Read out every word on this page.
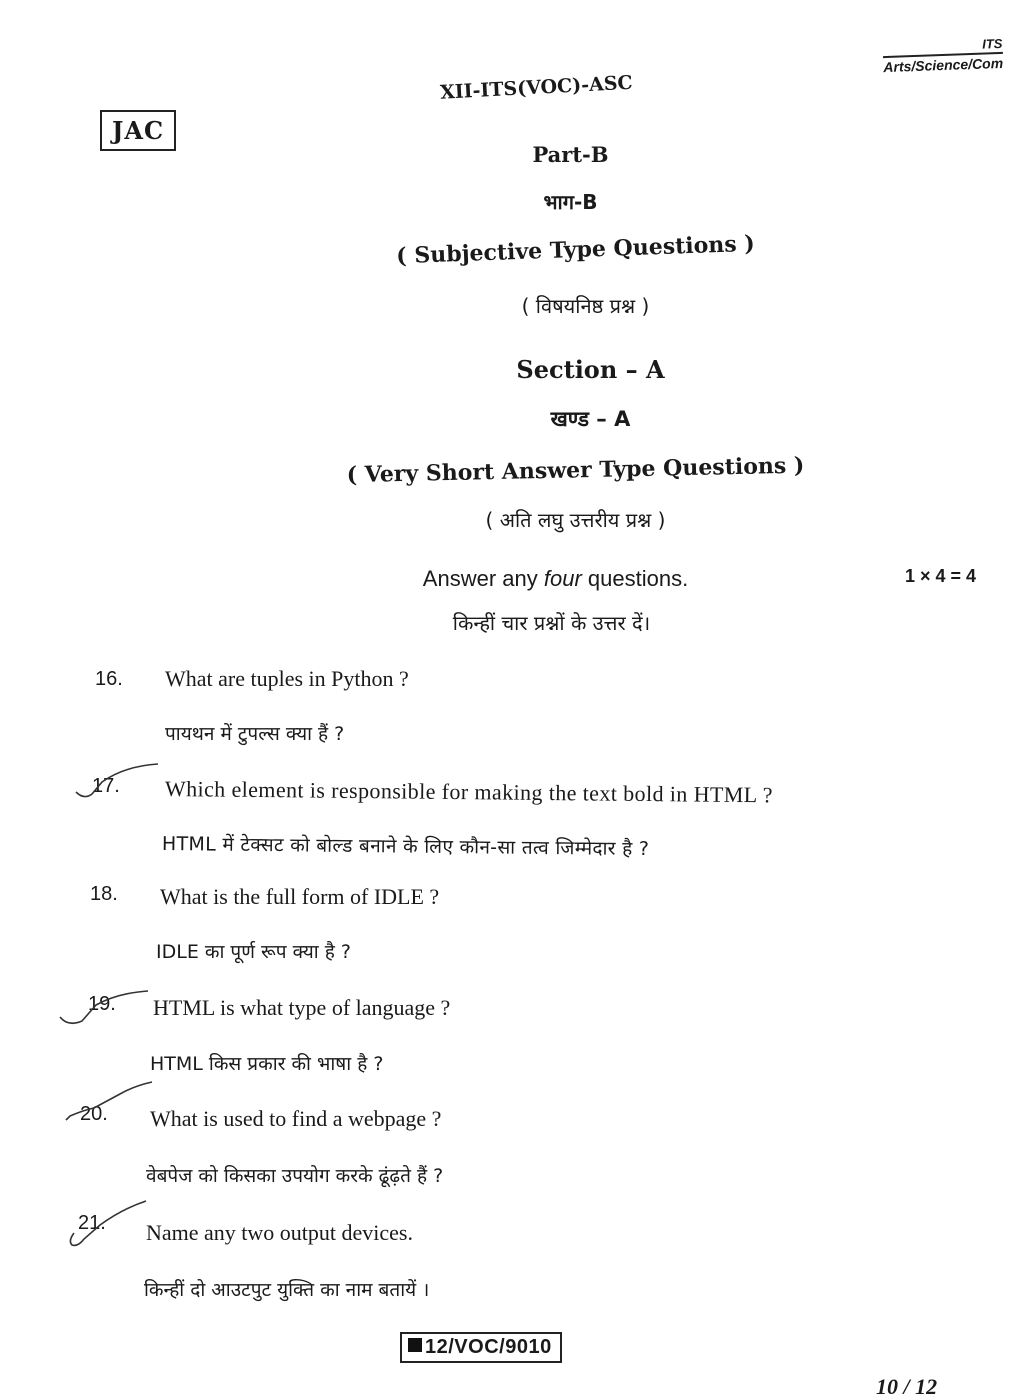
ITS
Arts/Science/Com
XII-ITS(VOC)-ASC
JAC
Part-B
भाग-B
( Subjective Type Questions )
( विषयनिष्ठ प्रश्न )
Section – A
खण्ड – A
( Very Short Answer Type Questions )
( अति लघु उत्तरीय प्रश्न )
Answer any four questions.
किन्हीं चार प्रश्नों के उत्तर दें।
1 × 4 = 4
16.	What are tuples in Python ?
पायथन में टुपल्स क्या हैं ?
17.	Which element is responsible for making the text bold in HTML ?
HTML में टेक्सट को बोल्ड बनाने के लिए कौन-सा तत्व जिम्मेदार है ?
18.	What is the full form of IDLE ?
IDLE का पूर्ण रूप क्या है ?
19.	HTML is what type of language ?
HTML किस प्रकार की भाषा है ?
20.	What is used to find a webpage ?
वेबपेज को किसका उपयोग करके ढूंढ़ते हैं ?
21.	Name any two output devices.
किन्हीं दो आउटपुट युक्ति का नाम बतायें ।
12/VOC/9010
10 / 12
